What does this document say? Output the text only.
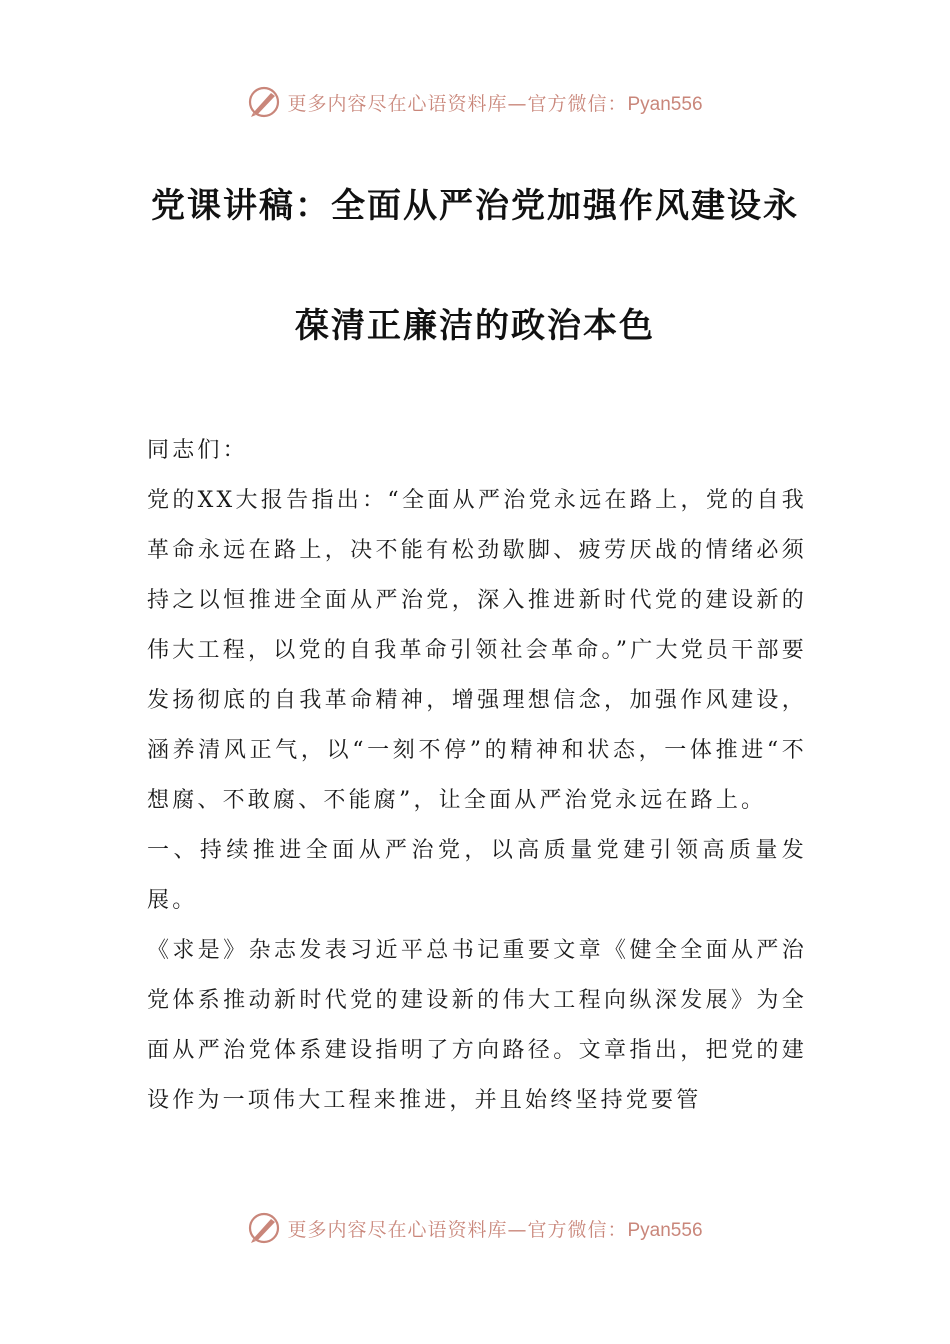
更多内容尽在心语资料库—官方微信：Pyan556
党课讲稿：全面从严治党加强作风建设永
葆清正廉洁的政治本色

同志们：

党的XX大报告指出：“全面从严治党永远在路上，党的自我革命永远在路上，决不能有松劲歇脚、疲劳厌战的情绪必须持之以恒推进全面从严治党，深入推进新时代党的建设新的伟大工程，以党的自我革命引领社会革命。”广大党员干部要发扬彻底的自我革命精神，增强理想信念，加强作风建设，涵养清风正气，以“一刻不停”的精神和状态，一体推进“不想腐、不敢腐、不能腐”，让全面从严治党永远在路上。

一、持续推进全面从严治党，以高质量党建引领高质量发展。

《求是》杂志发表习近平总书记重要文章《健全全面从严治党体系推动新时代党的建设新的伟大工程向纵深发展》为全面从严治党体系建设指明了方向路径。文章指出，把党的建设作为一项伟大工程来推进，并且始终坚持党要管

更多内容尽在心语资料库—官方微信：Pyan556
